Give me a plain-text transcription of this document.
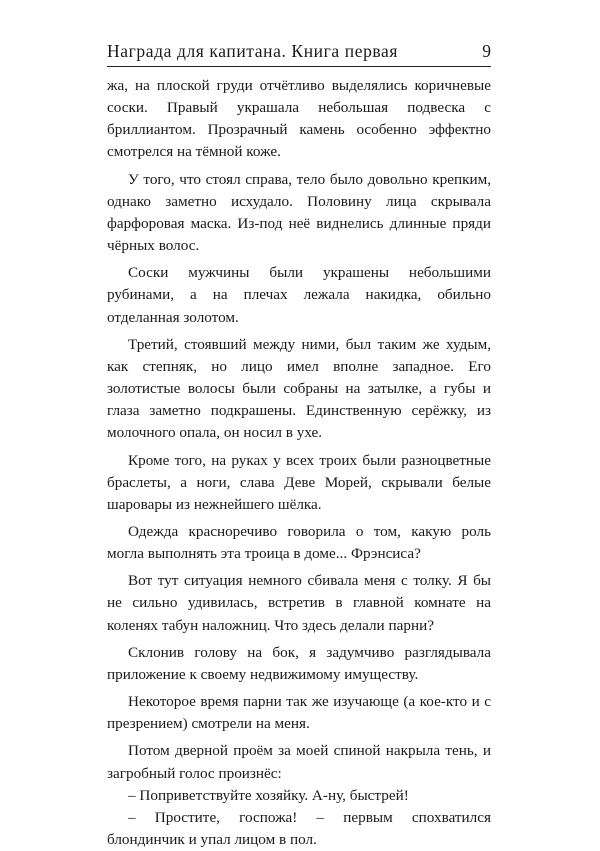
Награда для капитана. Книга первая	9

жа, на плоской груди отчётливо выделялись коричневые соски. Правый украшала небольшая подвеска с бриллиантом. Прозрачный камень особенно эффектно смотрелся на тёмной коже.

У того, что стоял справа, тело было довольно крепким, однако заметно исхудало. Половину лица скрывала фарфоровая маска. Из-под неё виднелись длинные пряди чёрных волос.

Соски мужчины были украшены небольшими рубинами, а на плечах лежала накидка, обильно отделанная золотом.

Третий, стоявший между ними, был таким же худым, как степняк, но лицо имел вполне западное. Его золотистые волосы были собраны на затылке, а губы и глаза заметно подкрашены. Единственную серёжку, из молочного опала, он носил в ухе.

Кроме того, на руках у всех троих были разноцветные браслеты, а ноги, слава Деве Морей, скрывали белые шаровары из нежнейшего шёлка.

Одежда красноречиво говорила о том, какую роль могла выполнять эта троица в доме... Фрэнсиса?

Вот тут ситуация немного сбивала меня с толку. Я бы не сильно удивилась, встретив в главной комнате на коленях табун наложниц. Что здесь делали парни?

Склонив голову на бок, я задумчиво разглядывала приложение к своему недвижимому имуществу.

Некоторое время парни так же изучающе (а кое-кто и с презрением) смотрели на меня.

Потом дверной проём за моей спиной накрыла тень, и загробный голос произнёс:

– Поприветствуйте хозяйку. А-ну, быстрей!

– Простите, госпожа! – первым спохватился блондинчик и упал лицом в пол.
